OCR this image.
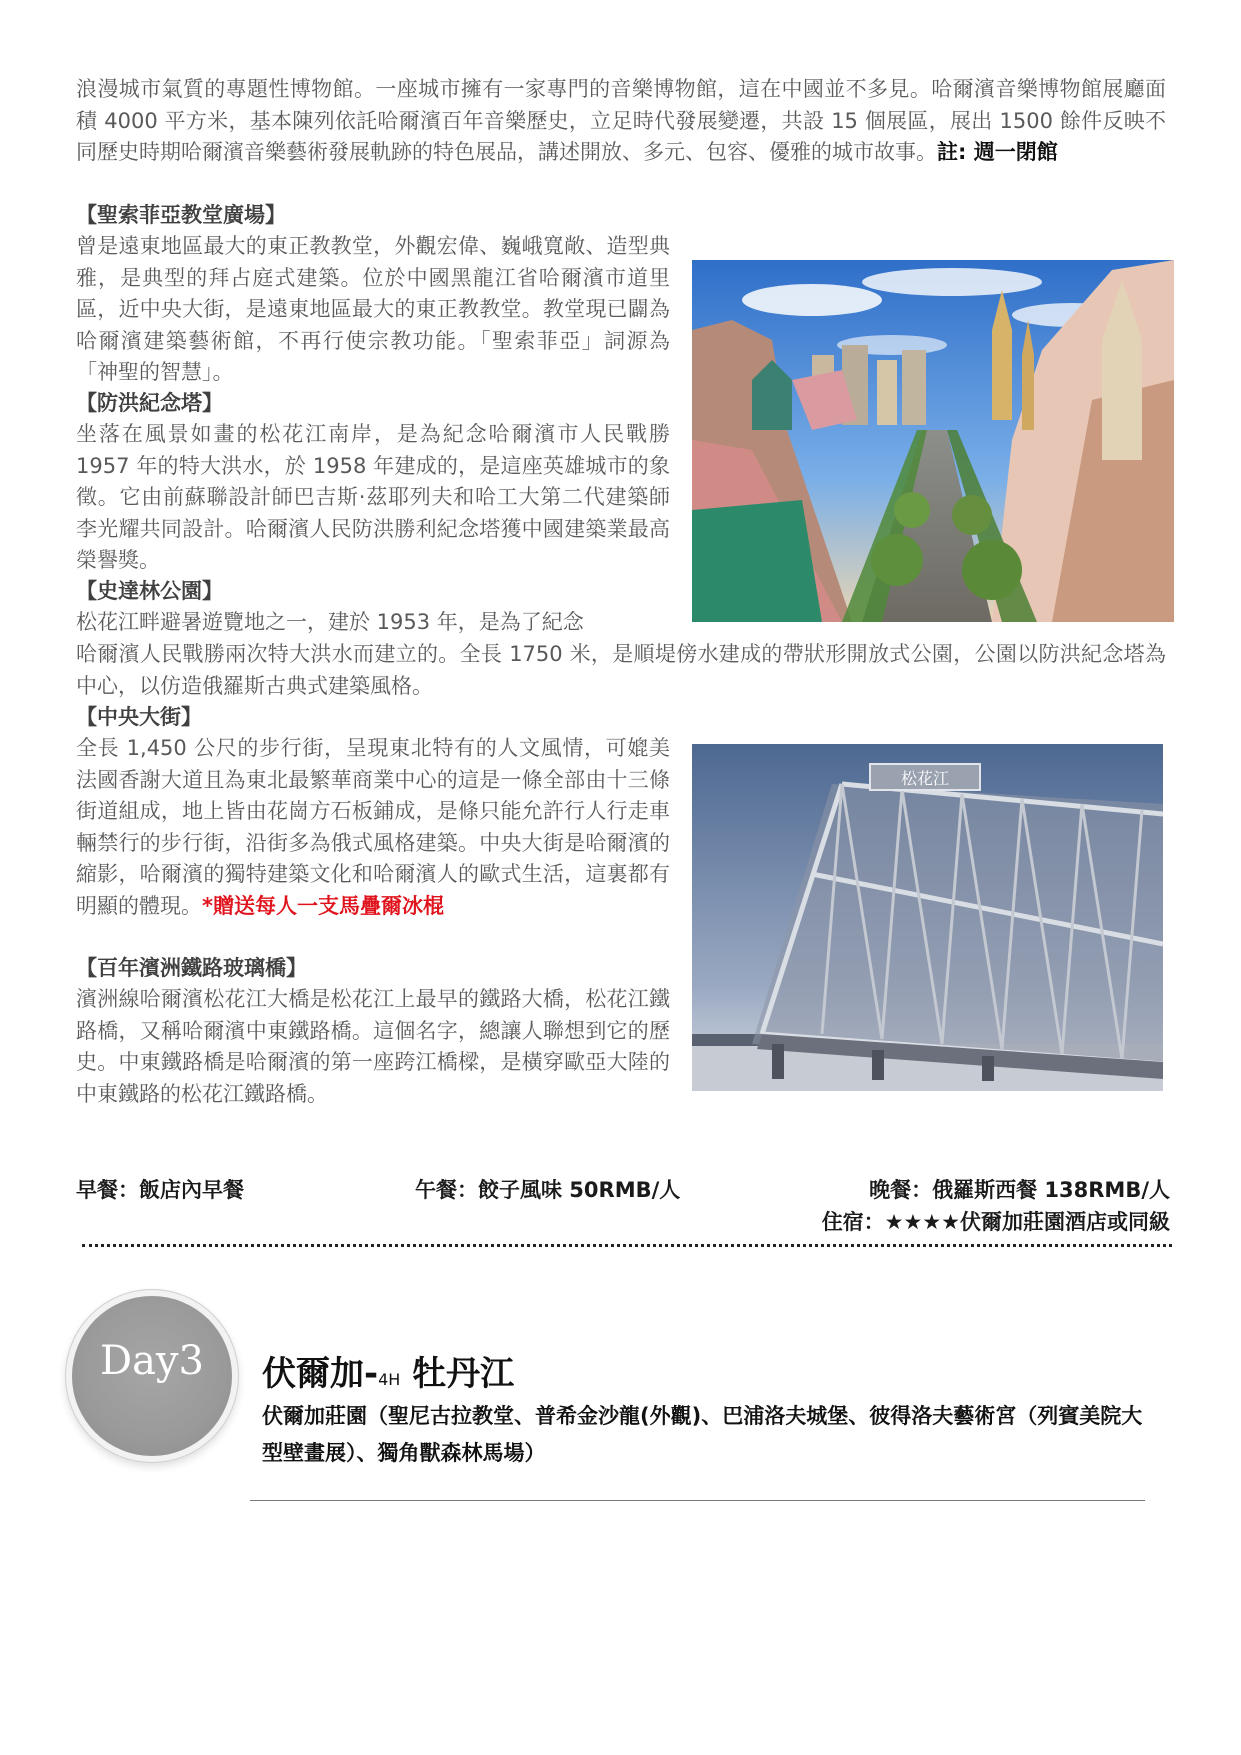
浪漫城市氣質的專題性博物館。一座城市擁有一家專門的音樂博物館，這在中國並不多見。哈爾濱音樂博物館展廳面積 4000 平方米，基本陳列依託哈爾濱百年音樂歷史，立足時代發展變遷，共設 15 個展區，展出 1500 餘件反映不同歷史時期哈爾濱音樂藝術發展軌跡的特色展品，講述開放、多元、包容、優雅的城市故事。註: 週一閉館

【聖索菲亞教堂廣場】

曾是遠東地區最大的東正教教堂，外觀宏偉、巍峨寬敞、造型典雅，是典型的拜占庭式建築。位於中國黑龍江省哈爾濱市道里區，近中央大街，是遠東地區最大的東正教教堂。教堂現已闢為哈爾濱建築藝術館，不再行使宗教功能。「聖索菲亞」詞源為「神聖的智慧」。

【防洪紀念塔】

坐落在風景如畫的松花江南岸，是為紀念哈爾濱市人民戰勝 1957 年的特大洪水，於 1958 年建成的，是這座英雄城市的象徵。它由前蘇聯設計師巴吉斯·茲耶列夫和哈工大第二代建築師李光耀共同設計。哈爾濱人民防洪勝利紀念塔獲中國建築業最高榮譽獎。

【史達林公園】

松花江畔避暑遊覽地之一，建於 1953 年，是為了紀念

哈爾濱人民戰勝兩次特大洪水而建立的。全長 1750 米，是順堤傍水建成的帶狀形開放式公園，公園以防洪紀念塔為中心，以仿造俄羅斯古典式建築風格。

【中央大街】

全長 1,450 公尺的步行街，呈現東北特有的人文風情，可媲美法國香謝大道且為東北最繁華商業中心的這是一條全部由十三條街道組成，地上皆由花崗方石板鋪成，是條只能允許行人行走車輛禁行的步行街，沿街多為俄式風格建築。中央大街是哈爾濱的縮影，哈爾濱的獨特建築文化和哈爾濱人的歐式生活，這裏都有明顯的體現。*贈送每人一支馬疊爾冰棍

【百年濱洲鐵路玻璃橋】

濱洲線哈爾濱松花江大橋是松花江上最早的鐵路大橋，松花江鐵路橋，又稱哈爾濱中東鐵路橋。這個名字，總讓人聯想到它的歷史。中東鐵路橋是哈爾濱的第一座跨江橋樑，是橫穿歐亞大陸的中東鐵路的松花江鐵路橋。

松花江
早餐：飯店內早餐	午餐：餃子風味 50RMB/人	晚餐：俄羅斯西餐 138RMB/人
住宿：★★★★伏爾加莊園酒店或同級
Day3	伏爾加-4H 牡丹江
伏爾加莊園（聖尼古拉教堂、普希金沙龍(外觀)、巴浦洛夫城堡、彼得洛夫藝術宮（列賓美院大型壁畫展）、獨角獸森林馬場）
